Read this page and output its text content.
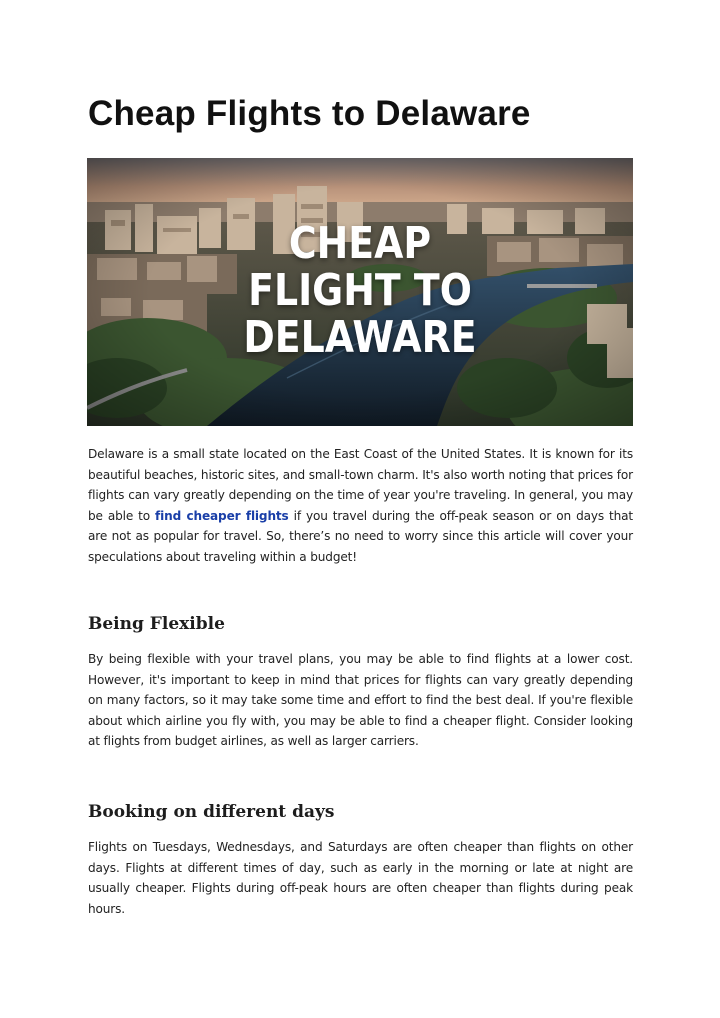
Cheap Flights to Delaware
CHEAP
FLIGHT TO
DELAWARE

Delaware is a small state located on the East Coast of the United States. It is known for its beautiful beaches, historic sites, and small-town charm. It's also worth noting that prices for flights can vary greatly depending on the time of year you're traveling. In general, you may be able to find cheaper flights if you travel during the off-peak season or on days that are not as popular for travel. So, there’s no need to worry since this article will cover your speculations about traveling within a budget!

Being Flexible

By being flexible with your travel plans, you may be able to find flights at a lower cost. However, it's important to keep in mind that prices for flights can vary greatly depending on many factors, so it may take some time and effort to find the best deal. If you're flexible about which airline you fly with, you may be able to find a cheaper flight. Consider looking at flights from budget airlines, as well as larger carriers.

Booking on different days

Flights on Tuesdays, Wednesdays, and Saturdays are often cheaper than flights on other days. Flights at different times of day, such as early in the morning or late at night are usually cheaper. Flights during off-peak hours are often cheaper than flights during peak hours.
